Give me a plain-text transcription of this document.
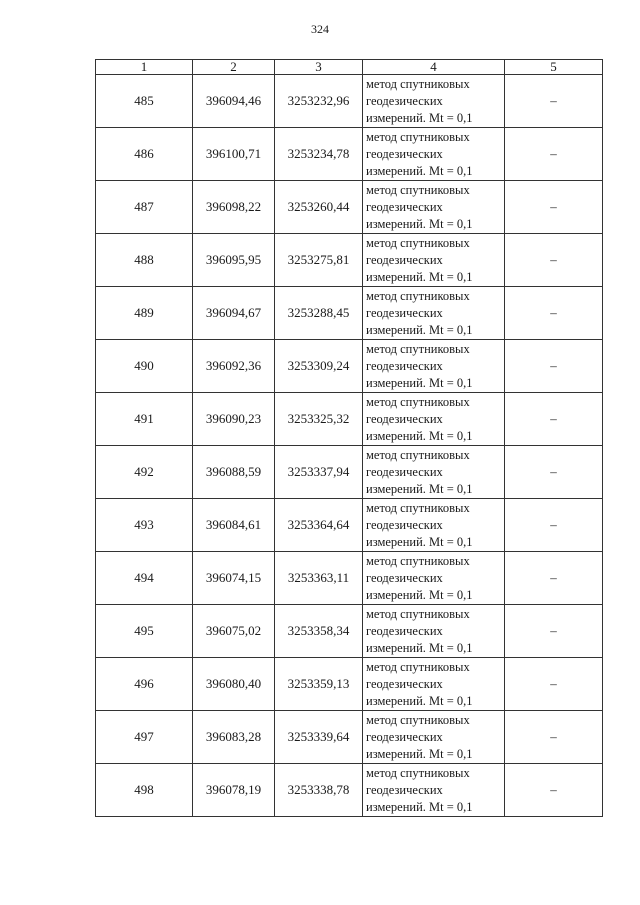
324
1	2	3	4	5
485	396094,46	3253232,96	метод спутниковых
геодезических
измерений. Mt = 0,1	–
486	396100,71	3253234,78	метод спутниковых
геодезических
измерений. Mt = 0,1	–
487	396098,22	3253260,44	метод спутниковых
геодезических
измерений. Mt = 0,1	–
488	396095,95	3253275,81	метод спутниковых
геодезических
измерений. Mt = 0,1	–
489	396094,67	3253288,45	метод спутниковых
геодезических
измерений. Mt = 0,1	–
490	396092,36	3253309,24	метод спутниковых
геодезических
измерений. Mt = 0,1	–
491	396090,23	3253325,32	метод спутниковых
геодезических
измерений. Mt = 0,1	–
492	396088,59	3253337,94	метод спутниковых
геодезических
измерений. Mt = 0,1	–
493	396084,61	3253364,64	метод спутниковых
геодезических
измерений. Mt = 0,1	–
494	396074,15	3253363,11	метод спутниковых
геодезических
измерений. Mt = 0,1	–
495	396075,02	3253358,34	метод спутниковых
геодезических
измерений. Mt = 0,1	–
496	396080,40	3253359,13	метод спутниковых
геодезических
измерений. Mt = 0,1	–
497	396083,28	3253339,64	метод спутниковых
геодезических
измерений. Mt = 0,1	–
498	396078,19	3253338,78	метод спутниковых
геодезических
измерений. Mt = 0,1	–
